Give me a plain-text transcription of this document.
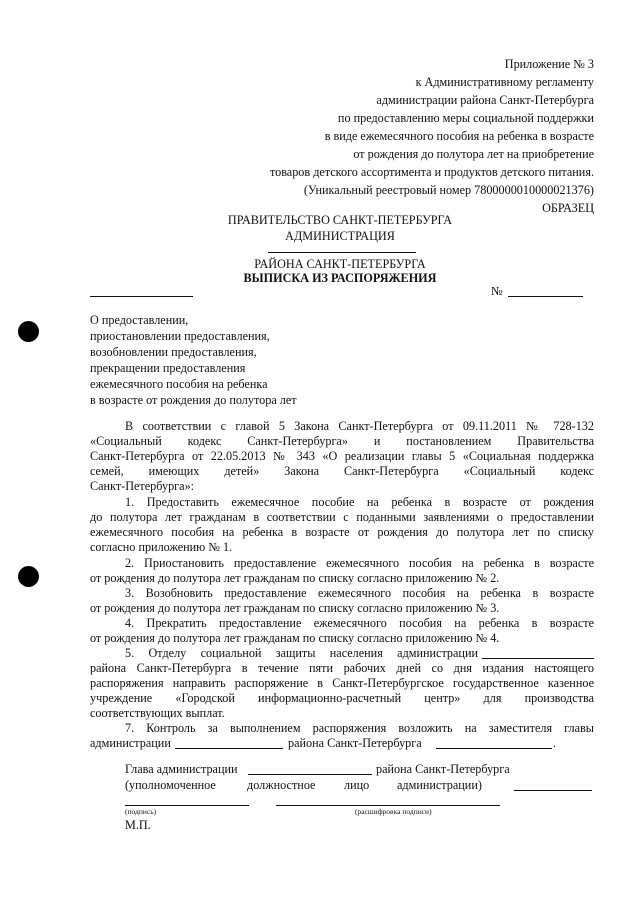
Приложение № 3
к Административному регламенту
администрации района Санкт-Петербурга
по предоставлению меры социальной поддержки
в виде ежемесячного пособия на ребенка в возрасте
от рождения до полутора лет на приобретение
товаров детского ассортимента и продуктов детского питания.
(Уникальный реестровый номер 7800000010000021376)
ОБРАЗЕЦ
ПРАВИТЕЛЬСТВО САНКТ-ПЕТЕРБУРГА
АДМИНИСТРАЦИЯ
РАЙОНА САНКТ-ПЕТЕРБУРГА
ВЫПИСКА ИЗ РАСПОРЯЖЕНИЯ
№
О предоставлении,
приостановлении предоставления,
возобновлении предоставления,
прекращении предоставления
ежемесячного пособия на ребенка
в возрасте от рождения до полутора лет
В соответствии с главой 5 Закона Санкт-Петербурга от 09.11.2011 № 728-132
«Социальный кодекс Санкт-Петербурга» и постановлением Правительства
Санкт-Петербурга от 22.05.2013 № 343 «О реализации главы 5 «Социальная поддержка
семей, имеющих детей» Закона Санкт-Петербурга «Социальный кодекс
Санкт-Петербурга»:
1. Предоставить ежемесячное пособие на ребенка в возрасте от рождения
до полутора лет гражданам в соответствии с поданными заявлениями о предоставлении
ежемесячного пособия на ребенка в возрасте от рождения до полутора лет по списку
согласно приложению № 1.
2. Приостановить предоставление ежемесячного пособия на ребенка в возрасте
от рождения до полутора лет гражданам по списку согласно приложению № 2.
3. Возобновить предоставление ежемесячного пособия на ребенка в возрасте
от рождения до полутора лет гражданам по списку согласно приложению № 3.
4. Прекратить предоставление ежемесячного пособия на ребенка в возрасте
от рождения до полутора лет гражданам по списку согласно приложению № 4.
5. Отделу социальной защиты населения администрации
района Санкт-Петербурга в течение пяти рабочих дней со дня издания настоящего
распоряжения направить распоряжение в Санкт-Петербургское государственное казенное
учреждение «Городской информационно-расчетный центр» для производства
соответствующих выплат.
7. Контроль за выполнением распоряжения возложить на заместителя главы
администрации	района Санкт-Петербурга	.
Глава администрации	района Санкт-Петербурга
(уполномоченное	должностное лицо администрации)
(подпись)	(расшифровка подписи)
М.П.
